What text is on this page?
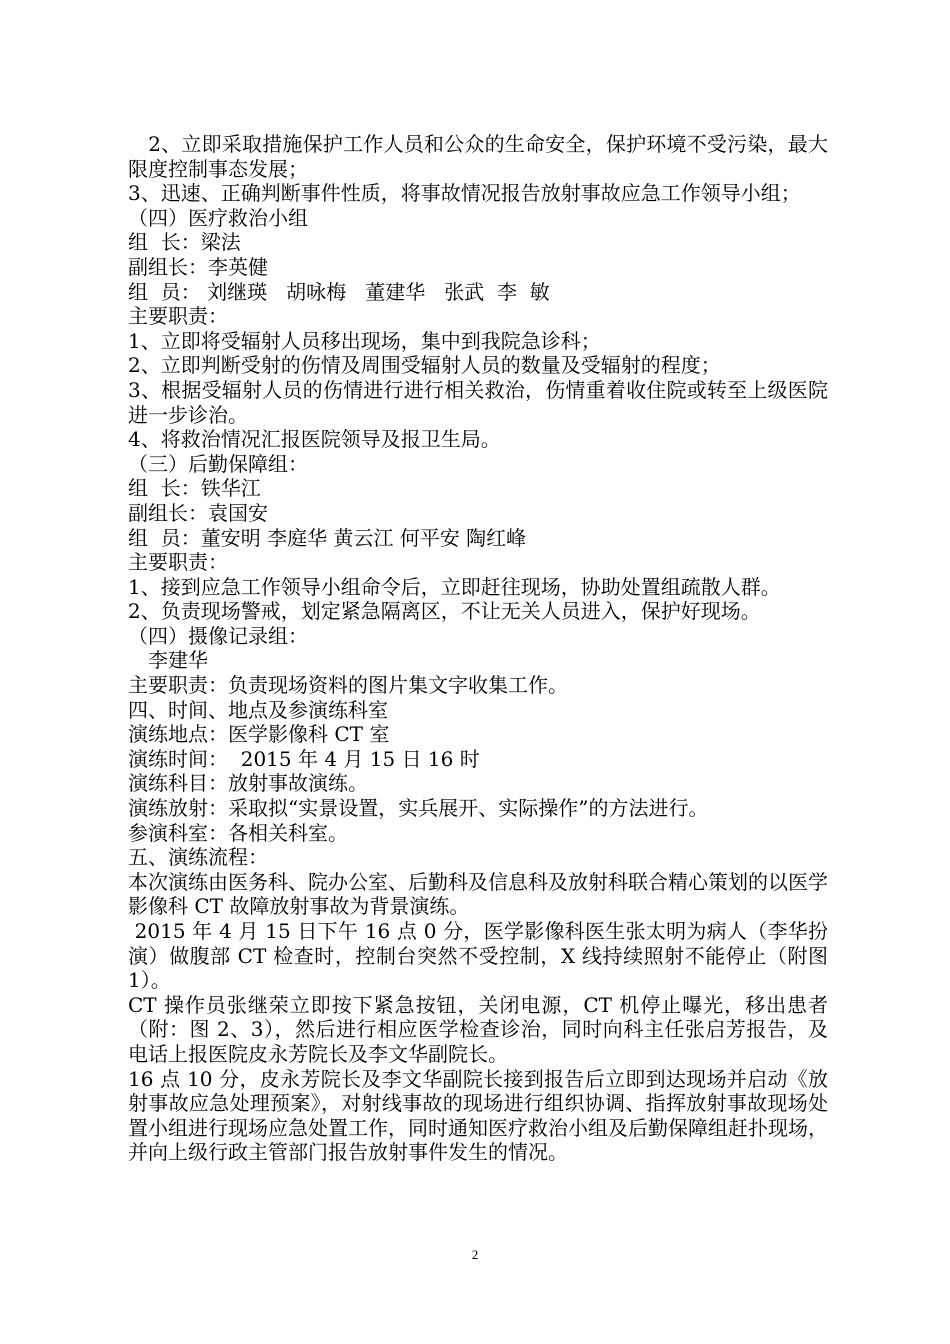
　2、立即采取措施保护工作人员和公众的生命安全，保护环境不受污染，最大限度控制事态发展；

3、迅速、正确判断事件性质，将事故情况报告放射事故应急工作领导小组；

（四）医疗救治小组

组  长：梁法

副组长：李英健

组  员： 刘继瑛   胡咏梅   董建华   张武  李  敏

主要职责：

1、立即将受辐射人员移出现场，集中到我院急诊科；

2、立即判断受射的伤情及周围受辐射人员的数量及受辐射的程度；

3、根据受辐射人员的伤情进行进行相关救治，伤情重着收住院或转至上级医院进一步诊治。

4、将救治情况汇报医院领导及报卫生局。

（三）后勤保障组：

组  长：铁华江

副组长：袁国安

组  员：董安明 李庭华 黄云江 何平安 陶红峰

主要职责：

1、接到应急工作领导小组命令后，立即赶往现场，协助处置组疏散人群。

2、负责现场警戒，划定紧急隔离区，不让无关人员进入，保护好现场。

（四）摄像记录组：

　李建华

主要职责：负责现场资料的图片集文字收集工作。

四、时间、地点及参演练科室

演练地点：医学影像科 CT 室

演练时间：  2015 年 4 月 15 日 16 时

演练科目：放射事故演练。

演练放射：采取拟“实景设置，实兵展开、实际操作”的方法进行。

参演科室：各相关科室。

五、演练流程：

本次演练由医务科、院办公室、后勤科及信息科及放射科联合精心策划的以医学影像科 CT 故障放射事故为背景演练。

2015 年 4 月 15 日下午 16 点 0 分，医学影像科医生张太明为病人（李华扮演）做腹部 CT 检查时，控制台突然不受控制，X 线持续照射不能停止（附图 1）。

CT 操作员张继荣立即按下紧急按钮，关闭电源，CT 机停止曝光，移出患者（附：图 2、3），然后进行相应医学检查诊治，同时向科主任张启芳报告，及电话上报医院皮永芳院长及李文华副院长。

16 点 10 分，皮永芳院长及李文华副院长接到报告后立即到达现场并启动《放射事故应急处理预案》，对射线事故的现场进行组织协调、指挥放射事故现场处置小组进行现场应急处置工作，同时通知医疗救治小组及后勤保障组赶扑现场，并向上级行政主管部门报告放射事件发生的情况。

2
